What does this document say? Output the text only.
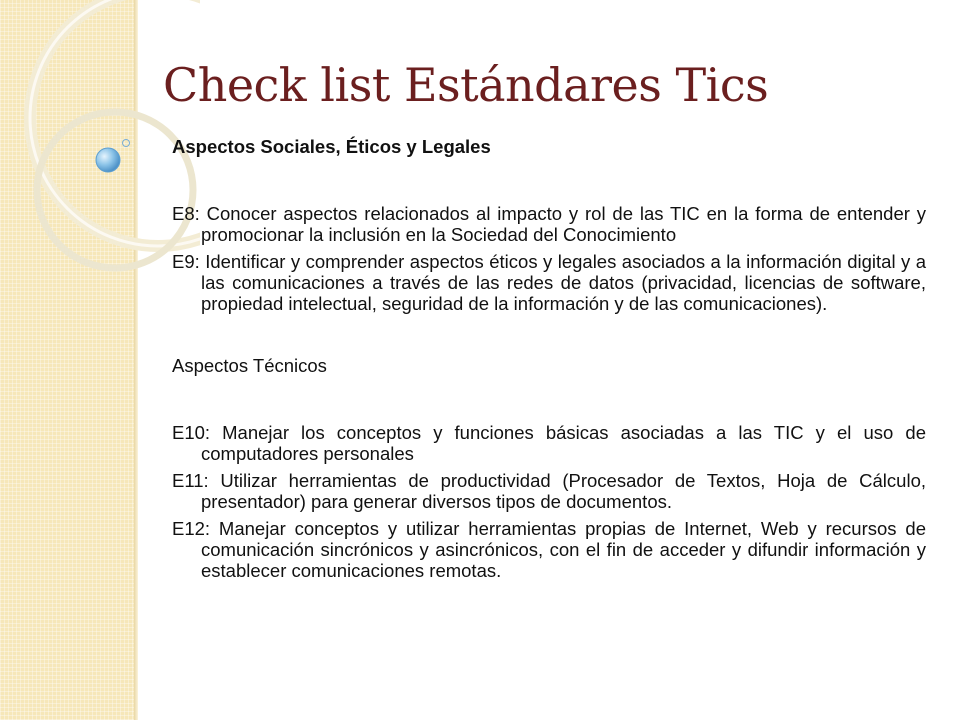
Check list Estándares Tics

Aspectos Sociales, Éticos y Legales

E8: Conocer aspectos relacionados al impacto y rol de las TIC en la forma de entender y promocionar la inclusión en la Sociedad del Conocimiento

E9: Identificar y comprender aspectos éticos y legales asociados a la información digital y a las comunicaciones a través de las redes de datos (privacidad, licencias de software, propiedad intelectual, seguridad de la información y de las comunicaciones).

Aspectos Técnicos

E10: Manejar los conceptos y funciones básicas asociadas a las TIC y el uso de computadores personales

E11: Utilizar herramientas de productividad (Procesador de Textos, Hoja de Cálculo, presentador) para generar diversos tipos de documentos.

E12: Manejar conceptos y utilizar herramientas propias de Internet, Web y recursos de comunicación sincrónicos y asincrónicos, con el fin de acceder y difundir información y establecer comunicaciones remotas.
